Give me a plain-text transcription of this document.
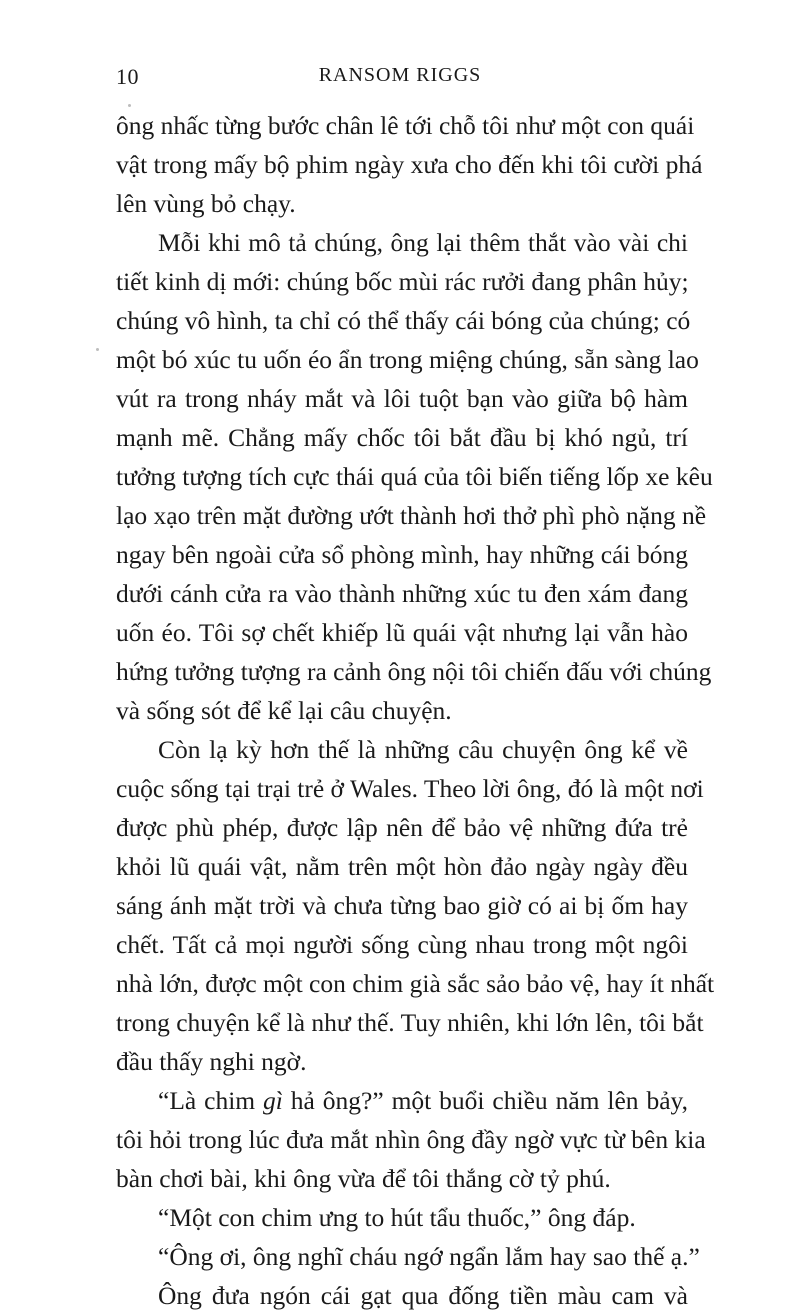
10	RANSOM RIGGS
ông nhấc từng bước chân lê tới chỗ tôi như một con quái
vật trong mấy bộ phim ngày xưa cho đến khi tôi cười phá
lên vùng bỏ chạy.
Mỗi khi mô tả chúng, ông lại thêm thắt vào vài chi
tiết kinh dị mới: chúng bốc mùi rác rưởi đang phân hủy;
chúng vô hình, ta chỉ có thể thấy cái bóng của chúng; có
một bó xúc tu uốn éo ẩn trong miệng chúng, sẵn sàng lao
vút ra trong nháy mắt và lôi tuột bạn vào giữa bộ hàm
mạnh mẽ. Chẳng mấy chốc tôi bắt đầu bị khó ngủ, trí
tưởng tượng tích cực thái quá của tôi biến tiếng lốp xe kêu
lạo xạo trên mặt đường ướt thành hơi thở phì phò nặng nề
ngay bên ngoài cửa sổ phòng mình, hay những cái bóng
dưới cánh cửa ra vào thành những xúc tu đen xám đang
uốn éo. Tôi sợ chết khiếp lũ quái vật nhưng lại vẫn hào
hứng tưởng tượng ra cảnh ông nội tôi chiến đấu với chúng
và sống sót để kể lại câu chuyện.
Còn lạ kỳ hơn thế là những câu chuyện ông kể về
cuộc sống tại trại trẻ ở Wales. Theo lời ông, đó là một nơi
được phù phép, được lập nên để bảo vệ những đứa trẻ
khỏi lũ quái vật, nằm trên một hòn đảo ngày ngày đều
sáng ánh mặt trời và chưa từng bao giờ có ai bị ốm hay
chết. Tất cả mọi người sống cùng nhau trong một ngôi
nhà lớn, được một con chim già sắc sảo bảo vệ, hay ít nhất
trong chuyện kể là như thế. Tuy nhiên, khi lớn lên, tôi bắt
đầu thấy nghi ngờ.
“Là chim gì hả ông?” một buổi chiều năm lên bảy,
tôi hỏi trong lúc đưa mắt nhìn ông đầy ngờ vực từ bên kia
bàn chơi bài, khi ông vừa để tôi thắng cờ tỷ phú.
“Một con chim ưng to hút tẩu thuốc,” ông đáp.
“Ông ơi, ông nghĩ cháu ngớ ngẩn lắm hay sao thế ạ.”
Ông đưa ngón cái gạt qua đống tiền màu cam và
